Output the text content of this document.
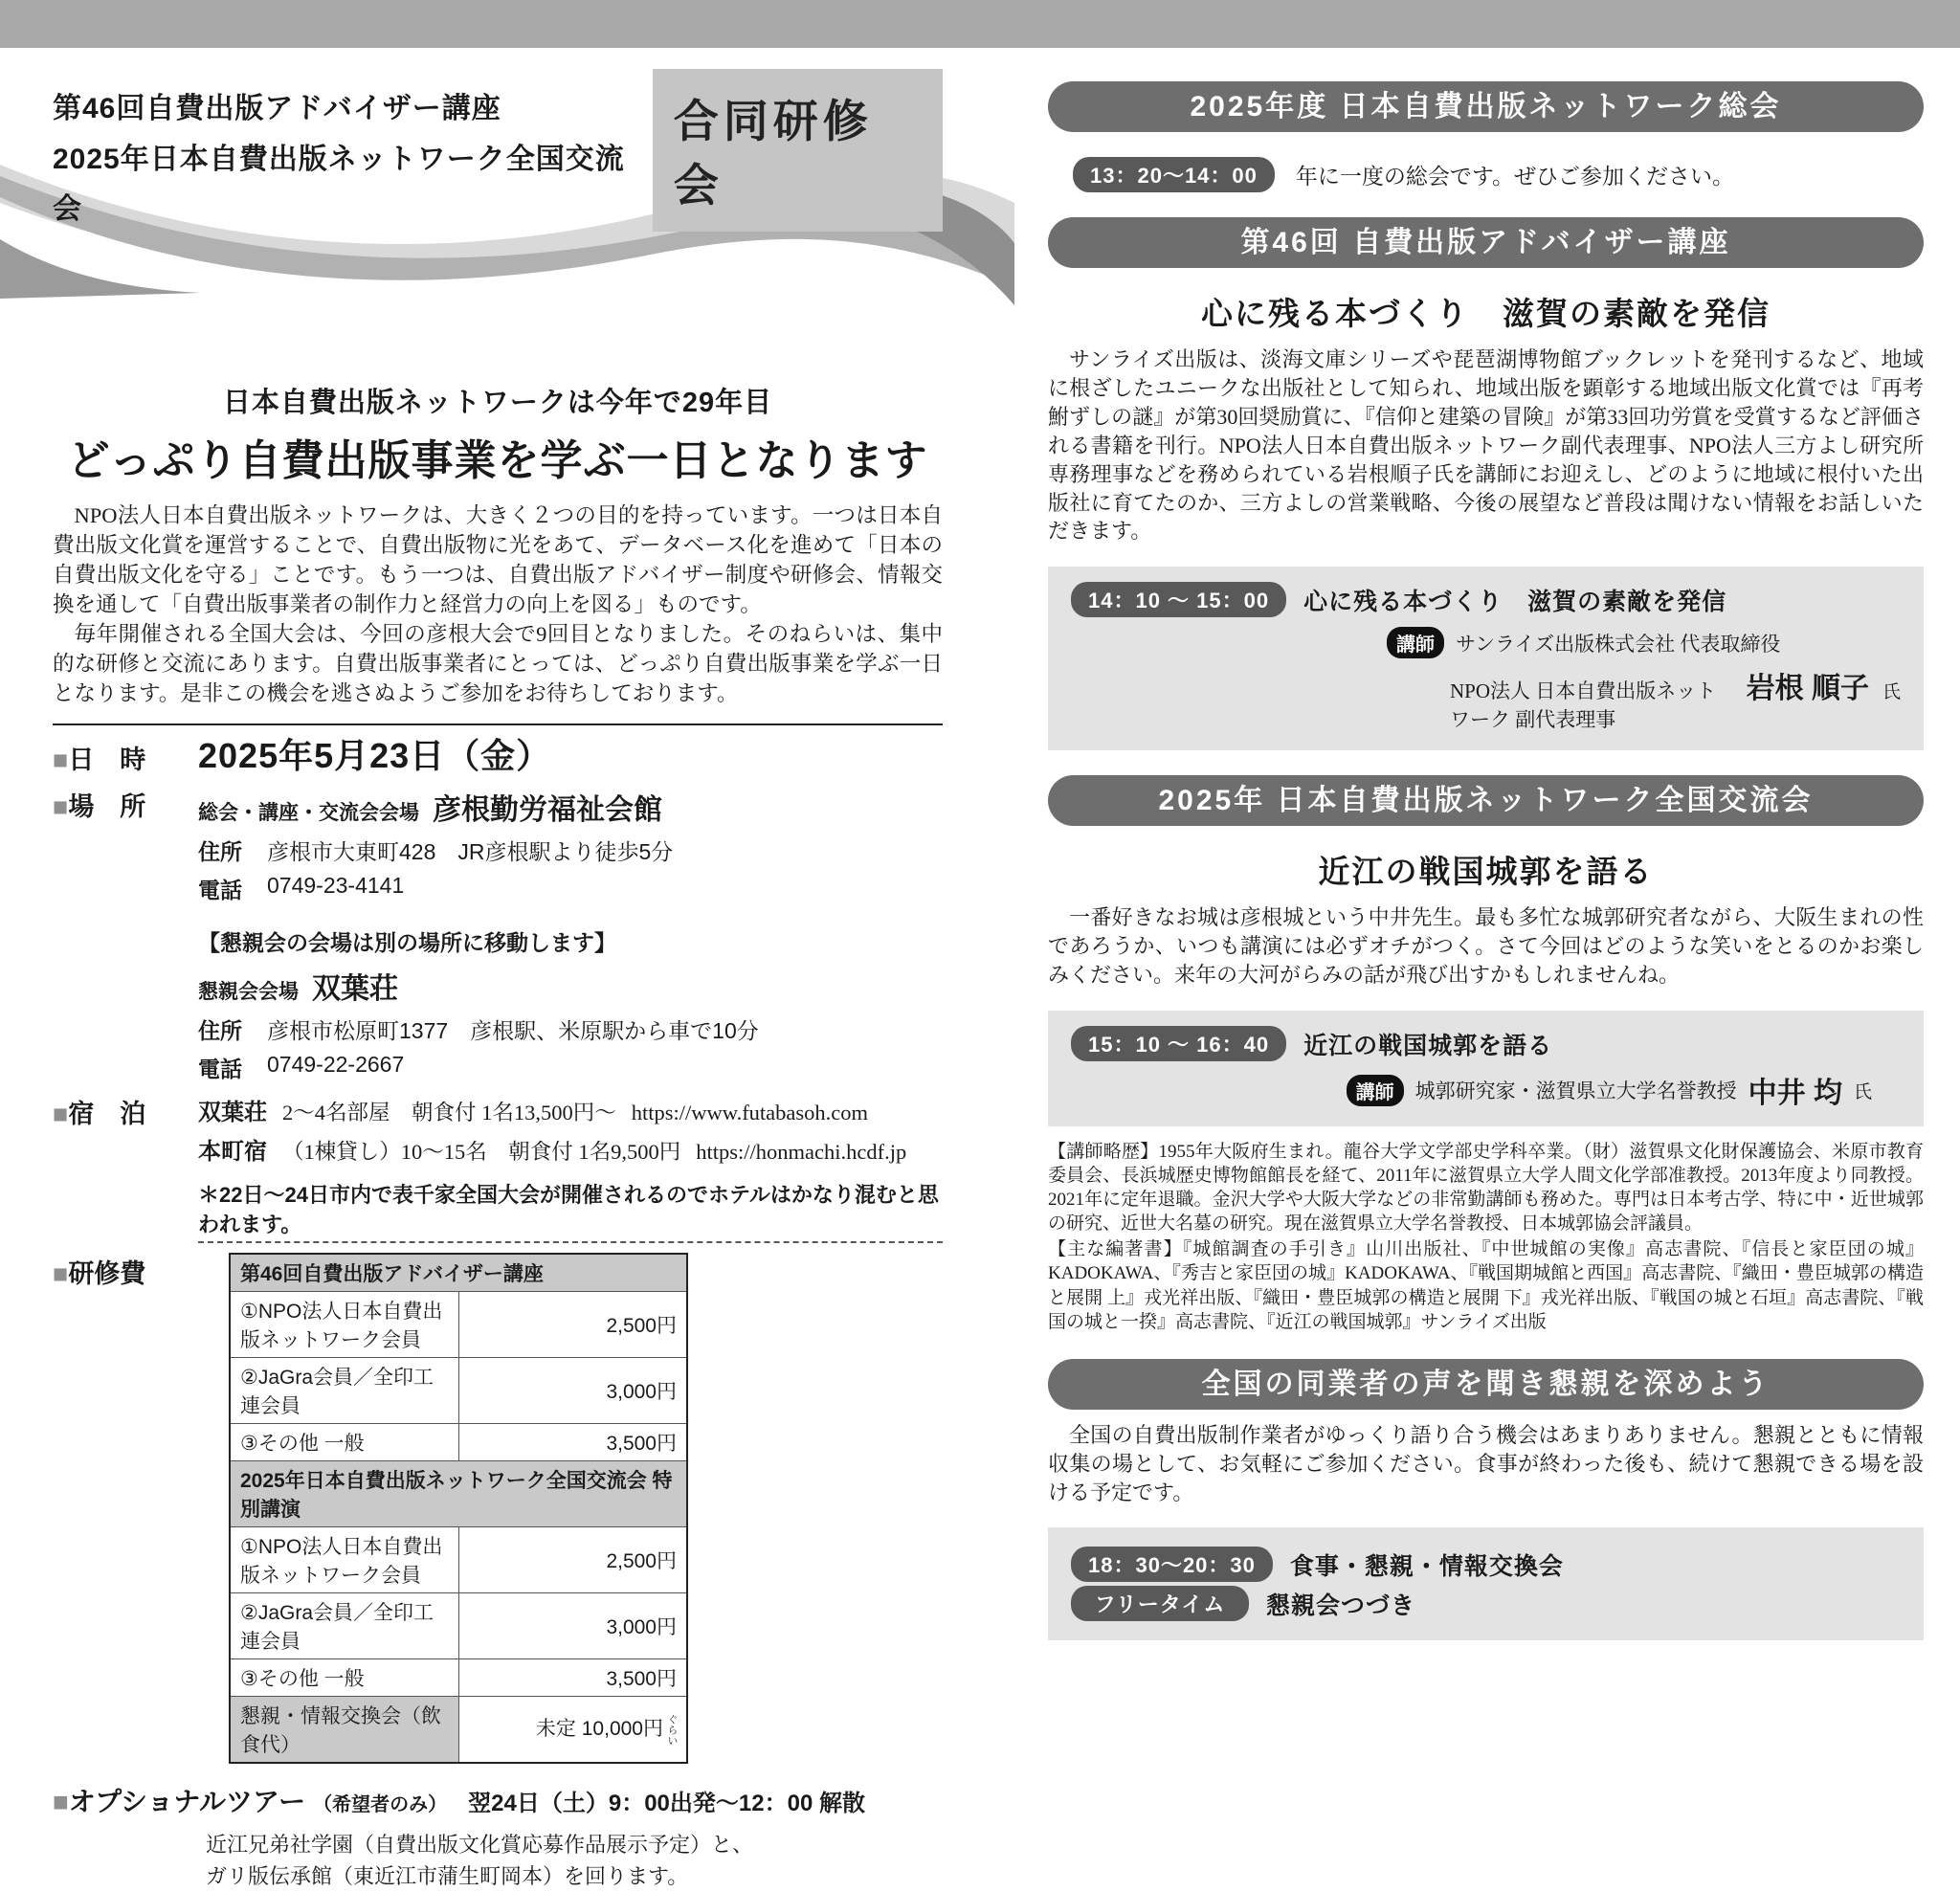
第46回自費出版アドバイザー講座
2025年日本自費出版ネットワーク全国交流会
合同研修会
日本自費出版ネットワークは今年で29年目
どっぷり自費出版事業を学ぶ一日となります

NPO法人日本自費出版ネットワークは、大きく２つの目的を持っています。一つは日本自費出版文化賞を運営することで、自費出版物に光をあて、データベース化を進めて「日本の自費出版文化を守る」ことです。もう一つは、自費出版アドバイザー制度や研修会、情報交換を通して「自費出版事業者の制作力と経営力の向上を図る」ものです。

毎年開催される全国大会は、今回の彦根大会で9回目となりました。そのねらいは、集中的な研修と交流にあります。自費出版事業者にとっては、どっぷり自費出版事業を学ぶ一日となります。是非この機会を逃さぬようご参加をお待ちしております。

■日　時	2025年5月23日（金）
■場　所	総会・講座・交流会会場 彦根勤労福祉会館
住所 彦根市大東町428　JR彦根駅より徒歩5分
電話 0749-23-4141
【懇親会の会場は別の場所に移動します】
懇親会会場 双葉荘
住所 彦根市松原町1377　彦根駅、米原駅から車で10分
電話 0749-22-2667
■宿　泊	双葉荘 2～4名部屋　朝食付 1名13,500円～ https://www.futabasoh.com
本町宿 （1棟貸し）10～15名　朝食付 1名9,500円 https://honmachi.hcdf.jp
＊22日～24日市内で表千家全国大会が開催されるのでホテルはかなり混むと思われます。
■研修費	第46回自費出版アドバイザー講座	
①NPO法人日本自費出版ネットワーク会員	2,500円
②JaGra会員／全印工連会員	3,000円
③その他 一般	3,500円
2025年日本自費出版ネットワーク全国交流会 特別講演	
①NPO法人日本自費出版ネットワーク会員	2,500円
②JaGra会員／全印工連会員	3,000円
③その他 一般	3,500円
懇親・情報交換会（飲食代）	未定 10,000円 ぐらい
■オプショナルツアー （希望者のみ） 翌24日（土）9：00出発～12：00 解散
近江兄弟社学園（自費出版文化賞応募作品展示予定）と、
ガリ版伝承館（東近江市蒲生町岡本）を回ります。
2025年度 日本自費出版ネットワーク総会
13：20～14：00	年に一度の総会です。ぜひご参加ください。
第46回 自費出版アドバイザー講座
心に残る本づくり　滋賀の素敵を発信

サンライズ出版は、淡海文庫シリーズや琵琶湖博物館ブックレットを発刊するなど、地域に根ざしたユニークな出版社として知られ、地域出版を顕彰する地域出版文化賞では『再考鮒ずしの謎』が第30回奨励賞に、『信仰と建築の冒険』が第33回功労賞を受賞するなど評価される書籍を刊行。NPO法人日本自費出版ネットワーク副代表理事、NPO法人三方よし研究所専務理事などを務められている岩根順子氏を講師にお迎えし、どのように地域に根付いた出版社に育てたのか、三方よしの営業戦略、今後の展望など普段は聞けない情報をお話しいただきます。

14：10 ～ 15：00	心に残る本づくり　滋賀の素敵を発信
講師	サンライズ出版株式会社 代表取締役
NPO法人 日本自費出版ネットワーク 副代表理事
岩根 順子 氏
2025年 日本自費出版ネットワーク全国交流会
近江の戦国城郭を語る

一番好きなお城は彦根城という中井先生。最も多忙な城郭研究者ながら、大阪生まれの性であろうか、いつも講演には必ずオチがつく。さて今回はどのような笑いをとるのかお楽しみください。来年の大河がらみの話が飛び出すかもしれませんね。

15：10 ～ 16：40	近江の戦国城郭を語る
講師	城郭研究家・滋賀県立大学名誉教授 中井 均 氏
【講師略歴】1955年大阪府生まれ。龍谷大学文学部史学科卒業。（財）滋賀県文化財保護協会、米原市教育委員会、長浜城歴史博物館館長を経て、2011年に滋賀県立大学人間文化学部准教授。2013年度より同教授。2021年に定年退職。金沢大学や大阪大学などの非常勤講師も務めた。専門は日本考古学、特に中・近世城郭の研究、近世大名墓の研究。現在滋賀県立大学名誉教授、日本城郭協会評議員。
【主な編著書】『城館調査の手引き』山川出版社、『中世城館の実像』高志書院、『信長と家臣団の城』KADOKAWA、『秀吉と家臣団の城』KADOKAWA、『戦国期城館と西国』高志書院、『織田・豊臣城郭の構造と展開 上』戎光祥出版、『織田・豊臣城郭の構造と展開 下』戎光祥出版、『戦国の城と石垣』高志書院、『戦国の城と一揆』高志書院、『近江の戦国城郭』サンライズ出版
全国の同業者の声を聞き懇親を深めよう

全国の自費出版制作業者がゆっくり語り合う機会はあまりありません。懇親とともに情報収集の場として、お気軽にご参加ください。食事が終わった後も、続けて懇親できる場を設ける予定です。

18：30～20：30	食事・懇親・情報交換会
フリータイム	懇親会つづき
